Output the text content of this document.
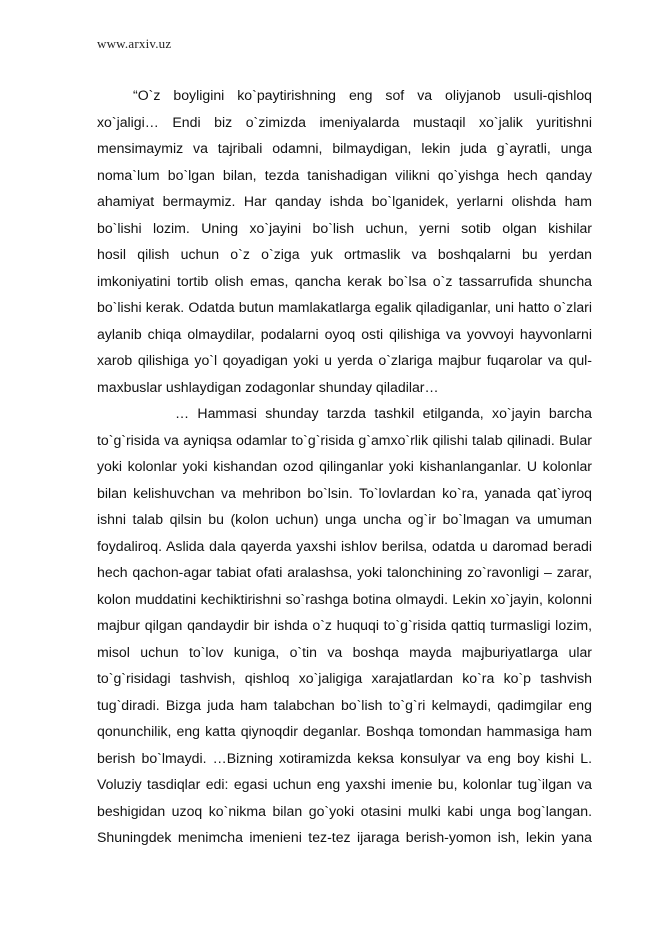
www.arxiv.uz
“O`z boyligini ko`paytirishning eng sof va oliyjanob usuli-qishloq
xo`jaligi… Endi biz o`zimizda imeniyalarda mustaqil xo`jalik yuritishni
mensimaymiz va tajribali odamni, bilmaydigan, lekin juda g`ayratli, unga
noma`lum bo`lgan bilan, tezda tanishadigan vilikni qo`yishga hech qanday
ahamiyat bermaymiz. Har qanday ishda bo`lganidek, yerlarni olishda ham
bo`lishi lozim. Uning xo`jayini bo`lish uchun, yerni sotib olgan kishilar
hosil qilish uchun o`z o`ziga yuk ortmaslik va boshqalarni bu yerdan
imkoniyatini tortib olish emas, qancha kerak bo`lsa o`z tassarrufida shuncha
bo`lishi kerak. Odatda butun mamlakatlarga egalik qiladiganlar, uni hatto o`zlari
aylanib chiqa olmaydilar, podalarni oyoq osti qilishiga va yovvoyi hayvonlarni
xarob qilishiga yo`l qoyadigan yoki u yerda o`zlariga majbur fuqarolar va qul-
maxbuslar ushlaydigan zodagonlar shunday qiladilar…
… Hammasi shunday tarzda tashkil etilganda, xo`jayin barcha
to`g`risida va ayniqsa odamlar to`g`risida g`amxo`rlik qilishi talab qilinadi. Bular
yoki kolonlar yoki kishandan ozod qilinganlar yoki kishanlanganlar. U kolonlar
bilan kelishuvchan va mehribon bo`lsin. To`lovlardan ko`ra, yanada qat`iyroq
ishni talab qilsin bu (kolon uchun) unga uncha og`ir bo`lmagan va umuman
foydaliroq. Aslida dala qayerda yaxshi ishlov berilsa, odatda u daromad beradi
hech qachon-agar tabiat ofati aralashsa, yoki talonchining zo`ravonligi – zarar,
kolon muddatini kechiktirishni so`rashga botina olmaydi. Lekin xo`jayin, kolonni
majbur qilgan qandaydir bir ishda o`z huquqi to`g`risida qattiq turmasligi lozim,
misol uchun to`lov kuniga, o`tin va boshqa mayda majburiyatlarga ular
to`g`risidagi tashvish, qishloq xo`jaligiga xarajatlardan ko`ra ko`p tashvish
tug`diradi. Bizga juda ham talabchan bo`lish to`g`ri kelmaydi, qadimgilar eng
qonunchilik, eng katta qiynoqdir deganlar. Boshqa tomondan hammasiga ham
berish bo`lmaydi. …Bizning xotiramizda keksa konsulyar va eng boy kishi L.
Voluziy tasdiqlar edi: egasi uchun eng yaxshi imenie bu, kolonlar tug`ilgan va
beshigidan uzoq ko`nikma bilan go`yoki otasini mulki kabi unga bog`langan.
Shuningdek menimcha imenieni tez-tez ijaraga berish-yomon ish, lekin yana
